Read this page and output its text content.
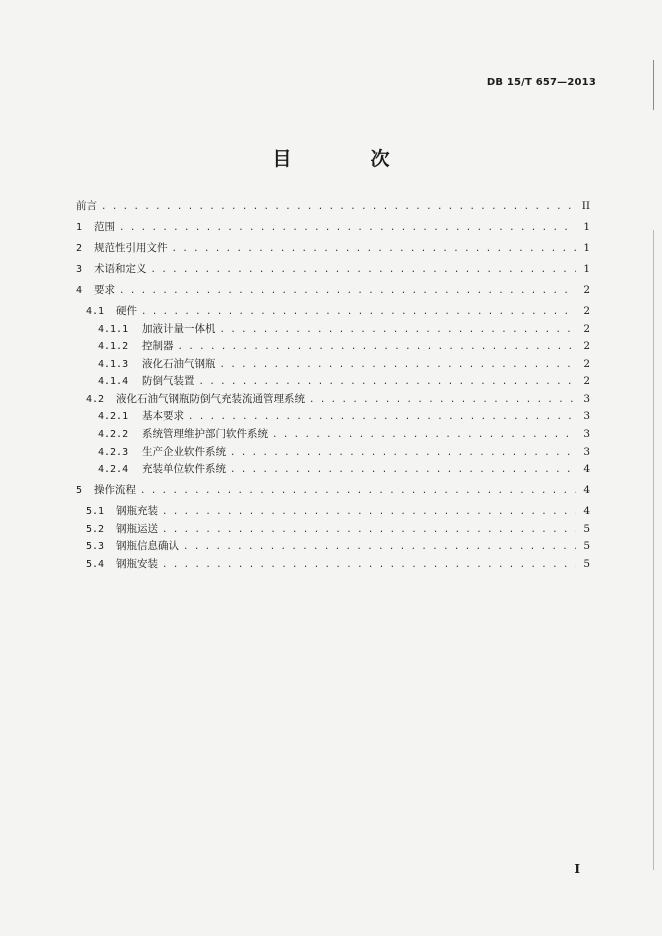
DB 15/T 657—2013
目　次
前言 . . .	II
1	范围 . . .	1
2	规范性引用文件 . . .	1
3	术语和定义 . . .	1
4	要求 . . .	2
4.1	硬件 . . .	2
4.1.1	加液计量一体机 . . .	2
4.1.2	控制器 . . .	2
4.1.3	液化石油气钢瓶 . . .	2
4.1.4	防倒气装置 . . .	2
4.2	液化石油气钢瓶防倒气充装流通管理系统 . . .	3
4.2.1	基本要求 . . .	3
4.2.2	系统管理维护部门软件系统 . . .	3
4.2.3	生产企业软件系统 . . .	3
4.2.4	充装单位软件系统 . . .	4
5	操作流程 . . .	4
5.1	钢瓶充装 . . .	4
5.2	钢瓶运送 . . .	5
5.3	钢瓶信息确认 . . .	5
5.4	钢瓶安装 . . .	5
I
